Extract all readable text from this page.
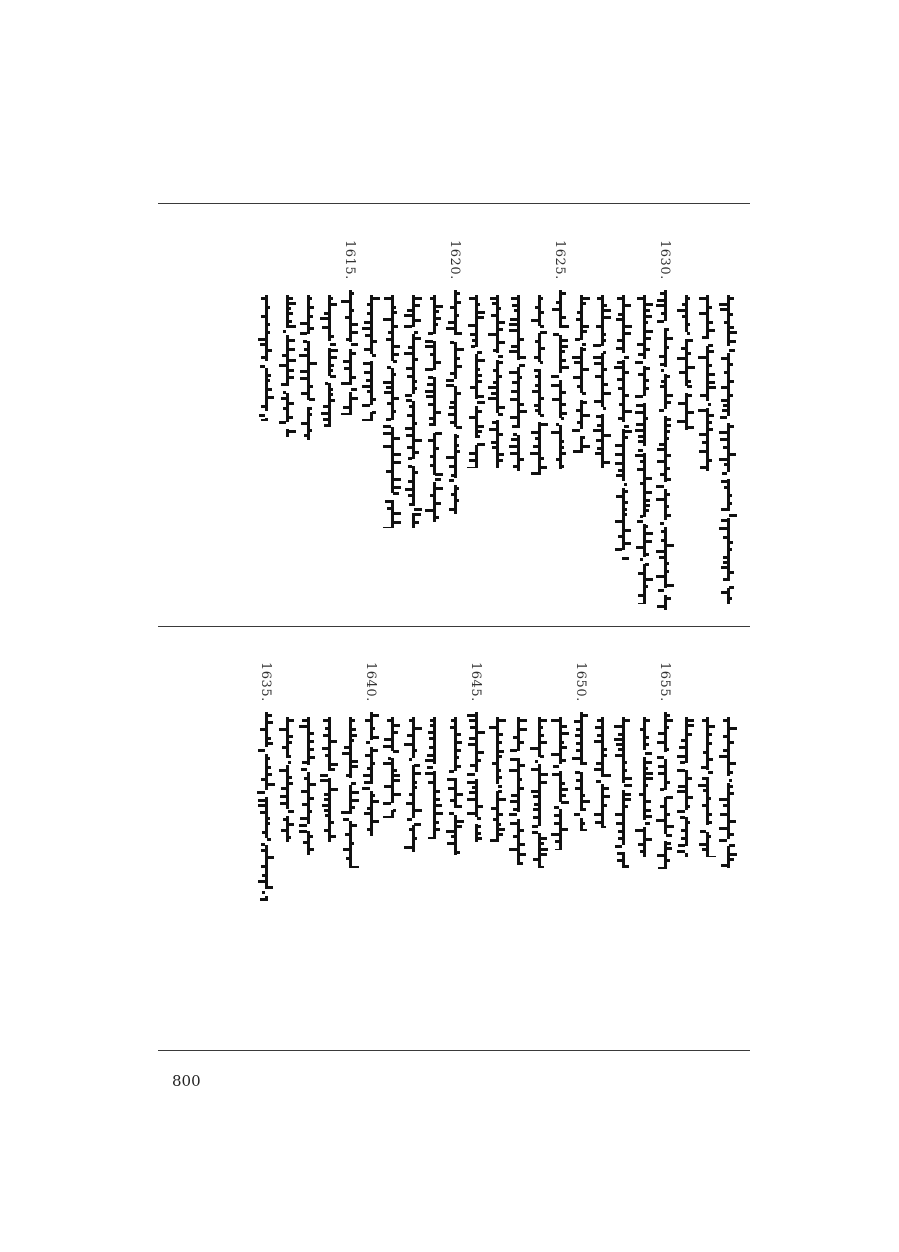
1630.
1625.
1620.
1615.
1655.
1650.
1645.
1640.
1635.
800
